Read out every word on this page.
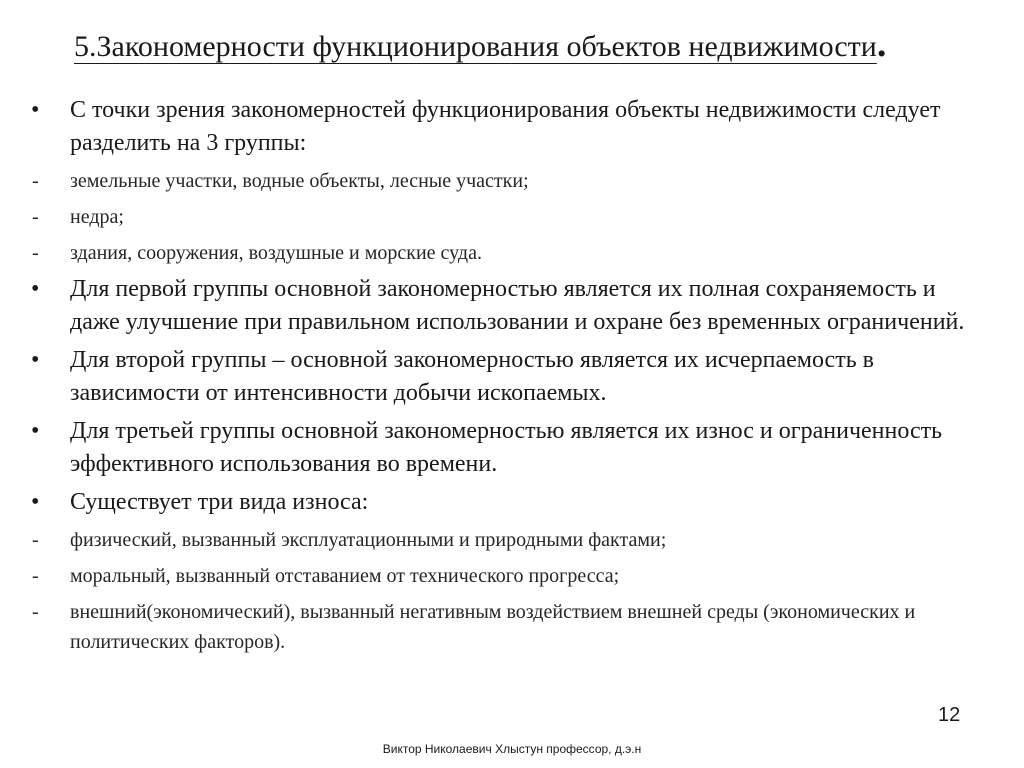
5.Закономерности функционирования объектов недвижимости.
• С точки зрения закономерностей функционирования объекты недвижимости следует разделить на 3 группы:
- земельные участки, водные объекты, лесные участки;
- недра;
- здания, сооружения, воздушные и морские суда.
• Для первой группы основной закономерностью является их полная сохраняемость и даже улучшение при правильном использовании и охране без временных ограничений.
• Для второй группы – основной закономерностью является их исчерпаемость в зависимости от интенсивности добычи ископаемых.
• Для третьей группы основной закономерностью является их износ и ограниченность эффективного использования во времени.
• Существует три вида износа:
- физический, вызванный эксплуатационными и природными фактами;
- моральный, вызванный отставанием от технического прогресса;
- внешний(экономический), вызванный негативным воздействием внешней среды (экономических и политических факторов).
12
Виктор Николаевич Хлыстун профессор, д.э.н
